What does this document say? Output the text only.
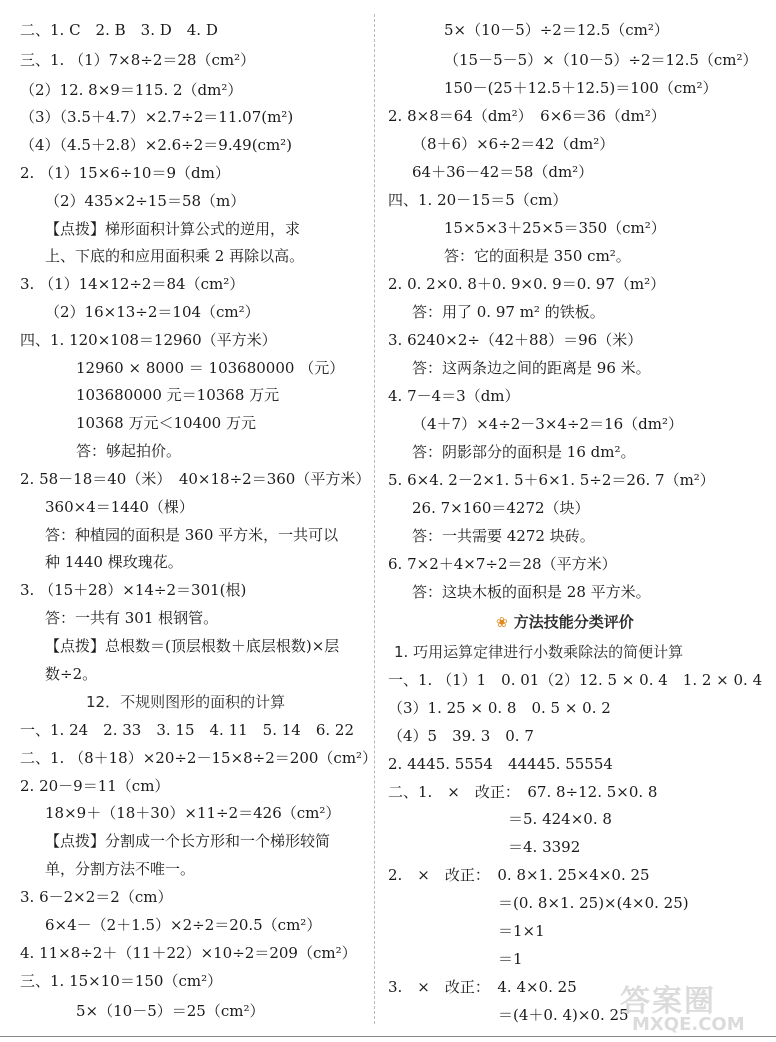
二、1. C　2. B　3. D　4. D
三、1. （1）7×8÷2＝28（cm²）
（2）12. 8×9＝115. 2（dm²）
（3）（3.5＋4.7）×2.7÷2＝11.07(m²)
（4）（4.5＋2.8）×2.6÷2＝9.49(cm²)
2. （1）15×6÷10＝9（dm）
（2）435×2÷15＝58（m）
【点拨】梯形面积计算公式的逆用，求
上、下底的和应用面积乘 2 再除以高。
3. （1）14×12÷2＝84（cm²）
（2）16×13÷2＝104（cm²）
四、1. 120×108＝12960（平方米）
12960 × 8000 ＝ 103680000 （元）
103680000 元＝10368 万元
10368 万元＜10400 万元
答：够起拍价。
2. 58－18＝40（米）　40×18÷2＝360（平方米）
360×4＝1440（棵）
答：种植园的面积是 360 平方米，一共可以
种 1440 棵玫瑰花。
3. （15＋28）×14÷2＝301(根)
答：一共有 301 根钢管。
【点拨】总根数＝(顶层根数＋底层根数)×层
数÷2。
12．不规则图形的面积的计算
一、1. 24　2. 33　3. 15　4. 11　5. 14　6. 22
二、1. （8＋18）×20÷2－15×8÷2＝200（cm²）
2. 20－9＝11（cm）
18×9＋（18＋30）×11÷2＝426（cm²）
【点拨】分割成一个长方形和一个梯形较简
单，分割方法不唯一。
3. 6－2×2＝2（cm）
6×4－（2＋1.5）×2÷2＝20.5（cm²）
4. 11×8÷2＋（11＋22）×10÷2＝209（cm²）
三、1. 15×10＝150（cm²）
5×（10－5）＝25（cm²）
5×（10－5）÷2＝12.5（cm²）
（15－5－5）×（10－5）÷2＝12.5（cm²）
150－(25＋12.5＋12.5)＝100（cm²）
2. 8×8＝64（dm²）　6×6＝36（dm²）
（8＋6）×6÷2＝42（dm²）
64＋36－42＝58（dm²）
四、1. 20－15＝5（cm）
15×5×3＋25×5＝350（cm²）
答：它的面积是 350 cm²。
2. 0. 2×0. 8＋0. 9×0. 9＝0. 97（m²）
答：用了 0. 97 m² 的铁板。
3. 6240×2÷（42＋88）＝96（米）
答：这两条边之间的距离是 96 米。
4. 7－4＝3（dm）
（4＋7）×4÷2－3×4÷2＝16（dm²）
答：阴影部分的面积是 16 dm²。
5. 6×4. 2－2×1. 5＋6×1. 5÷2＝26. 7（m²）
26. 7×160＝4272（块）
答：一共需要 4272 块砖。
6. 7×2＋4×7÷2＝28（平方米）
答：这块木板的面积是 28 平方米。
❀ 方法技能分类评价
1. 巧用运算定律进行小数乘除法的简便计算
一、1. （1）1　0. 01（2）12. 5 × 0. 4　1. 2 × 0. 4
（3）1. 25 × 0. 8　0. 5 × 0. 2
（4）5　39. 3　0. 7
2. 4445. 5554　44445. 55554
二、1.　×　改正：　67. 8÷12. 5×0. 8
＝5. 424×0. 8
＝4. 3392
2.　×　改正：　0. 8×1. 25×4×0. 25
＝(0. 8×1. 25)×(4×0. 25)
＝1×1
＝1
3.　×　改正：　4. 4×0. 25
＝(4＋0. 4)×0. 25
答案圈
MXQE.COM
